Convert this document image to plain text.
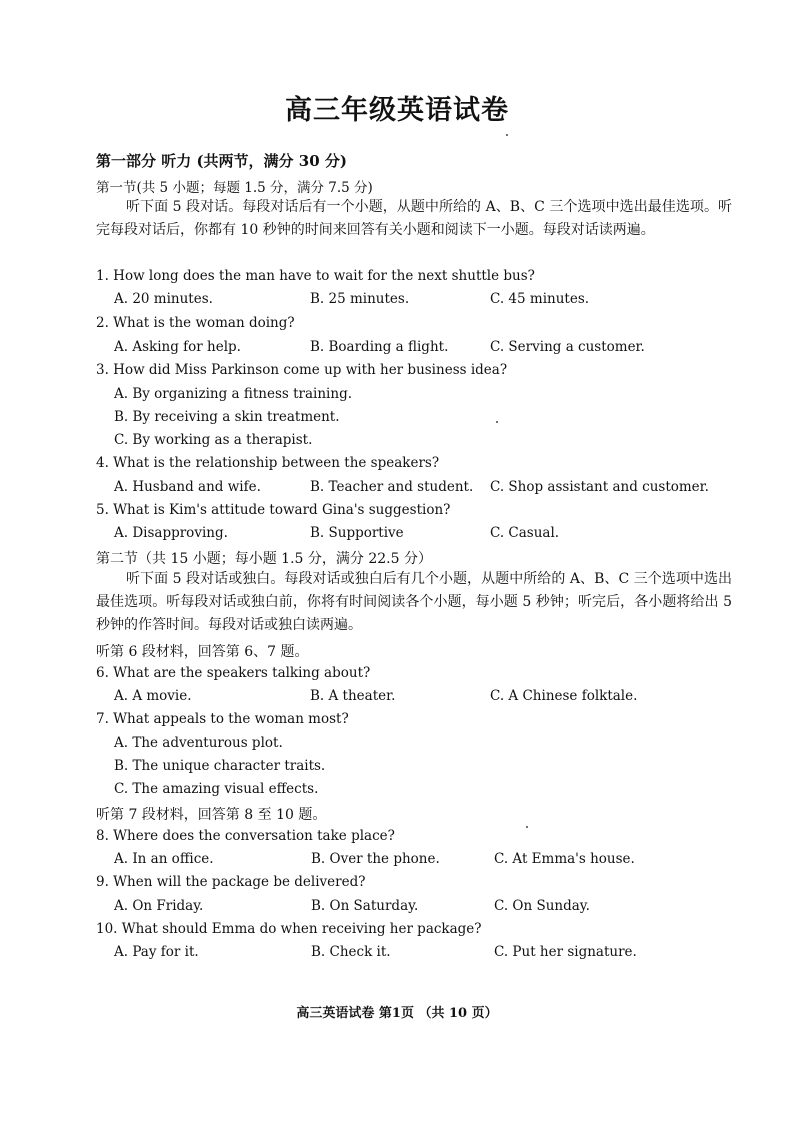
高三年级英语试卷
第一部分 听力 (共两节，满分 30 分)
第一节(共 5 小题；每题 1.5 分，满分 7.5 分)
听下面 5 段对话。每段对话后有一个小题，从题中所给的 A、B、C 三个选项中选出最佳选项。听完每段对话后，你都有 10 秒钟的时间来回答有关小题和阅读下一小题。每段对话读两遍。
1. How long does the man have to wait for the next shuttle bus?
A. 20 minutes.	B. 25 minutes.	C. 45 minutes.
2. What is the woman doing?
A. Asking for help.	B. Boarding a flight.	C. Serving a customer.
3. How did Miss Parkinson come up with her business idea?
A. By organizing a fitness training.
B. By receiving a skin treatment.
C. By working as a therapist.
4. What is the relationship between the speakers?
A. Husband and wife.	B. Teacher and student. C. Shop assistant and customer.
5. What is Kim's attitude toward Gina's suggestion?
A. Disapproving.	B. Supportive	C. Casual.
第二节（共 15 小题；每小题 1.5 分，满分 22.5 分）
听下面 5 段对话或独白。每段对话或独白后有几个小题，从题中所给的 A、B、C 三个选项中选出最佳选项。听每段对话或独白前，你将有时间阅读各个小题，每小题 5 秒钟；听完后，各小题将给出 5 秒钟的作答时间。每段对话或独白读两遍。
听第 6 段材料，回答第 6、7 题。
6. What are the speakers talking about?
A. A movie.	B. A theater.	C. A Chinese folktale.
7. What appeals to the woman most?
A. The adventurous plot.
B. The unique character traits.
C. The amazing visual effects.
听第 7 段材料，回答第 8 至 10 题。
8. Where does the conversation take place?
A. In an office.	B. Over the phone.	C. At Emma's house.
9. When will the package be delivered?
A. On Friday.	B. On Saturday.	C. On Sunday.
10. What should Emma do when receiving her package?
A. Pay for it.	B. Check it.	C. Put her signature.
高三英语试卷 第1页 （共 10 页）
